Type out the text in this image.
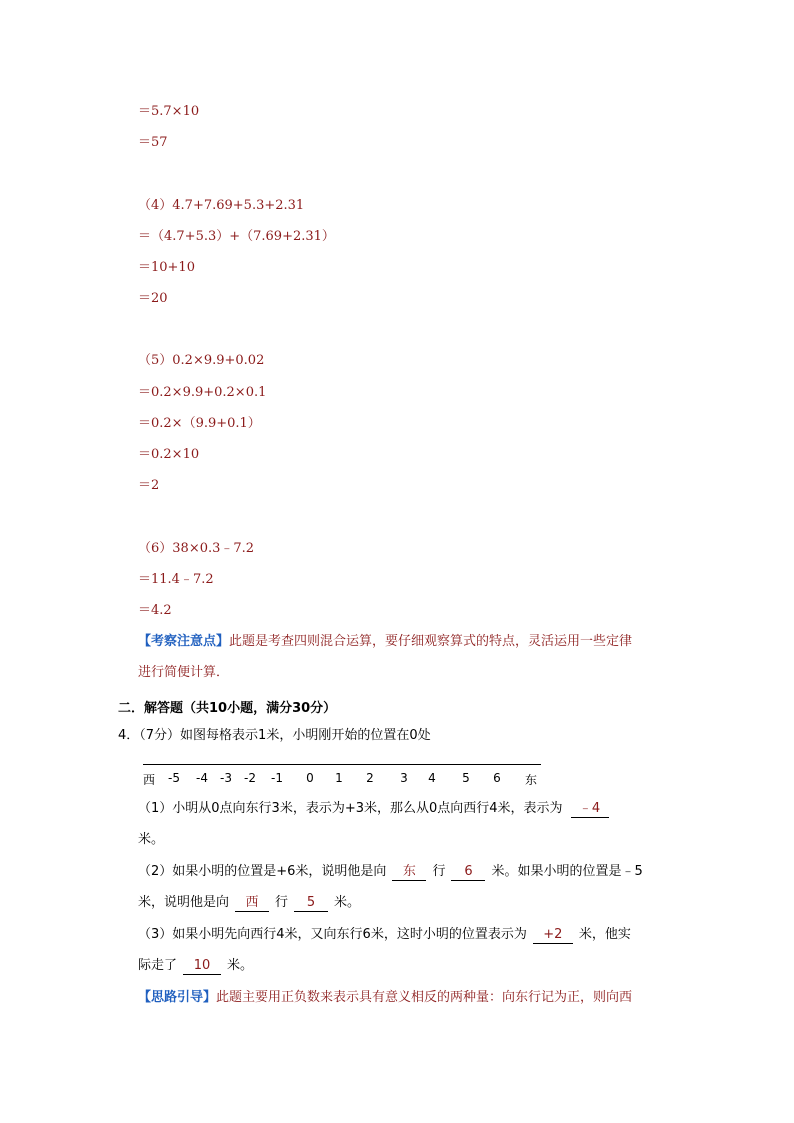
＝5.7×10
＝57
（4）4.7+7.69+5.3+2.31
＝（4.7+5.3）+（7.69+2.31）
＝10+10
＝20
（5）0.2×9.9+0.02
＝0.2×9.9+0.2×0.1
＝0.2×（9.9+0.1）
＝0.2×10
＝2
（6）38×0.3﹣7.2
＝11.4﹣7.2
＝4.2
【考察注意点】此题是考查四则混合运算，要仔细观察算式的特点，灵活运用一些定律
进行简便计算．
二．解答题（共10小题，满分30分）
4．（7分）如图每格表示1米，小明刚开始的位置在0处
西 -5 -4 -3 -2 -1 0 1 2 3 4 5 6 东
（1）小明从0点向东行3米，表示为+3米，那么从0点向西行4米，表示为 ﹣4
米。
（2）如果小明的位置是+6米，说明他是向 东 行 6 米。如果小明的位置是﹣5
米，说明他是向 西 行 5 米。
（3）如果小明先向西行4米，又向东行6米，这时小明的位置表示为 +2 米，他实
际走了 10 米。
【思路引导】此题主要用正负数来表示具有意义相反的两种量：向东行记为正，则向西
